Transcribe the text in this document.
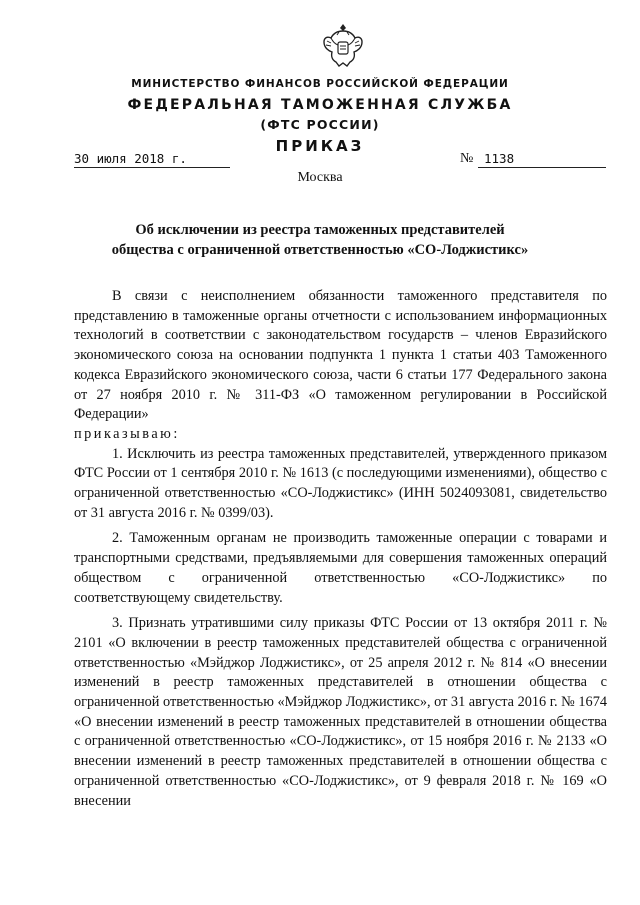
МИНИСТЕРСТВО ФИНАНСОВ РОССИЙСКОЙ ФЕДЕРАЦИИ
ФЕДЕРАЛЬНАЯ ТАМОЖЕННАЯ СЛУЖБА
(ФТС РОССИИ)
ПРИКАЗ
30 июля 2018 г.	№ 1138
Москва
Об исключении из реестра таможенных представителей
общества с ограниченной ответственностью «СО-Лоджистикс»

В связи с неисполнением обязанности таможенного представителя по представлению в таможенные органы отчетности с использованием информационных технологий в соответствии с законодательством государств – членов Евразийского экономического союза на основании подпункта 1 пункта 1 статьи 403 Таможенного кодекса Евразийского экономического союза, части 6 статьи 177 Федерального закона от 27 ноября 2010 г. № 311-ФЗ «О таможенном регулировании в Российской Федерации»

приказываю:

1. Исключить из реестра таможенных представителей, утвержденного приказом ФТС России от 1 сентября 2010 г. № 1613 (с последующими изменениями), общество с ограниченной ответственностью «СО-Лоджистикс» (ИНН 5024093081, свидетельство от 31 августа 2016 г. № 0399/03).

2. Таможенным органам не производить таможенные операции с товарами и транспортными средствами, предъявляемыми для совершения таможенных операций обществом с ограниченной ответственностью «СО-Лоджистикс» по соответствующему свидетельству.

3. Признать утратившими силу приказы ФТС России от 13 октября 2011 г. № 2101 «О включении в реестр таможенных представителей общества с ограниченной ответственностью «Мэйджор Лоджистикс», от 25 апреля 2012 г. № 814 «О внесении изменений в реестр таможенных представителей в отношении общества с ограниченной ответственностью «Мэйджор Лоджистикс», от 31 августа 2016 г. № 1674 «О внесении изменений в реестр таможенных представителей в отношении общества с ограниченной ответственностью «СО-Лоджистикс», от 15 ноября 2016 г. № 2133 «О внесении изменений в реестр таможенных представителей в отношении общества с ограниченной ответственностью «СО-Лоджистикс», от 9 февраля 2018 г. № 169 «О внесении
